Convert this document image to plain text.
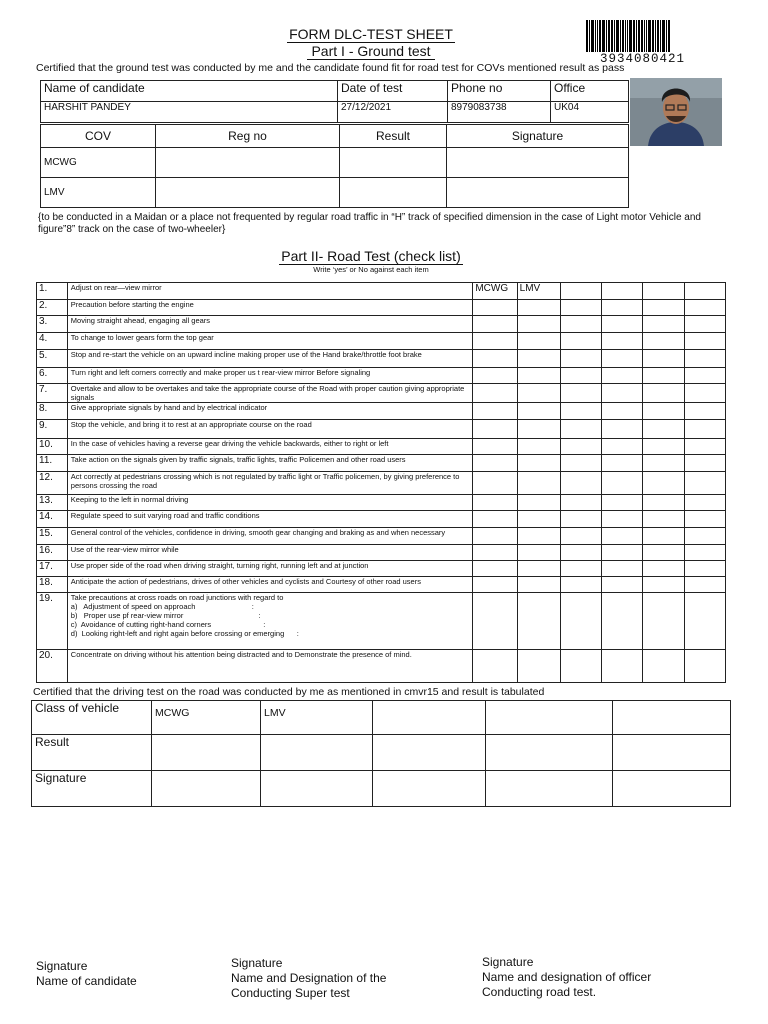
FORM DLC-TEST SHEET
Part I - Ground test
Certified that the ground test was conducted by me and the candidate found fit for road test for COVs mentioned result as pass
3934080421
Name of candidate	Date of test	Phone no	Office
HARSHIT PANDEY	27/12/2021	8979083738	UK04
COV	Reg no	Result	Signature
MCWG			
LMV			
{to be conducted in a Maidan or a place not frequented by regular road traffic in “H” track of specified dimension in the case of Light motor Vehicle and figure”8” track on the case of two-wheeler}
Part II- Road Test (check list)
Write ‘yes’ or No against each item
1.	Adjust on rear—view mirror	MCWG	LMV				
2.	Precaution before starting the engine						

3.	Moving straight ahead, engaging all gears						

4.	To change to lower gears form the top gear						

5.	Stop and re-start the vehicle on an upward incline making proper use of the Hand brake/throttle foot brake						

6.	Turn right and left corners correctly and make proper us t rear-view mirror Before signaling						

7.	Overtake and allow to be overtakes and take the appropriate course of the Road with proper caution giving appropriate signals						

8.	Give appropriate signals by hand and by electrical indicator						

9.	Stop the vehicle, and bring it to rest at an appropriate course on the road						

10.	In the case of vehicles having a reverse gear driving the vehicle backwards, either to right or left						

11.	Take action on the signals given by traffic signals, traffic lights, traffic Policemen and other road users						

12.	Act correctly at pedestrians crossing which is not regulated by traffic light or Traffic policemen, by giving preference to persons crossing the road						

13.	Keeping to the left in normal driving						

14.	Regulate speed to suit varying road and traffic conditions						

15.	General control of the vehicles, confidence in driving, smooth gear changing and braking as and when necessary						

16.	Use of the rear-view mirror while						

17.	Use proper side of the road when driving straight, turning right, running left and at junction						

18.	Anticipate the action of pedestrians, drives of other vehicles and cyclists and Courtesy of other road users						

19.	Take precautions at cross roads on road junctions with regard to
a)   Adjustment of speed on approach                           :
b)   Proper use pf rear-view mirror                                    :
c)  Avoidance of cutting right-hand corners                         :
d)  Looking right-left and right again before crossing or emerging      :						

20.	Concentrate on driving without his attention being distracted and to Demonstrate the presence of mind.						

Certified that the driving test on the road was conducted by me as mentioned in cmvr15 and result is tabulated
Class of vehicle	MCWG	LMV			
Result					
Signature					
Signature
Name of candidate
Signature
Name and Designation of the
Conducting Super test
Signature
Name and designation of officer
Conducting road test.
